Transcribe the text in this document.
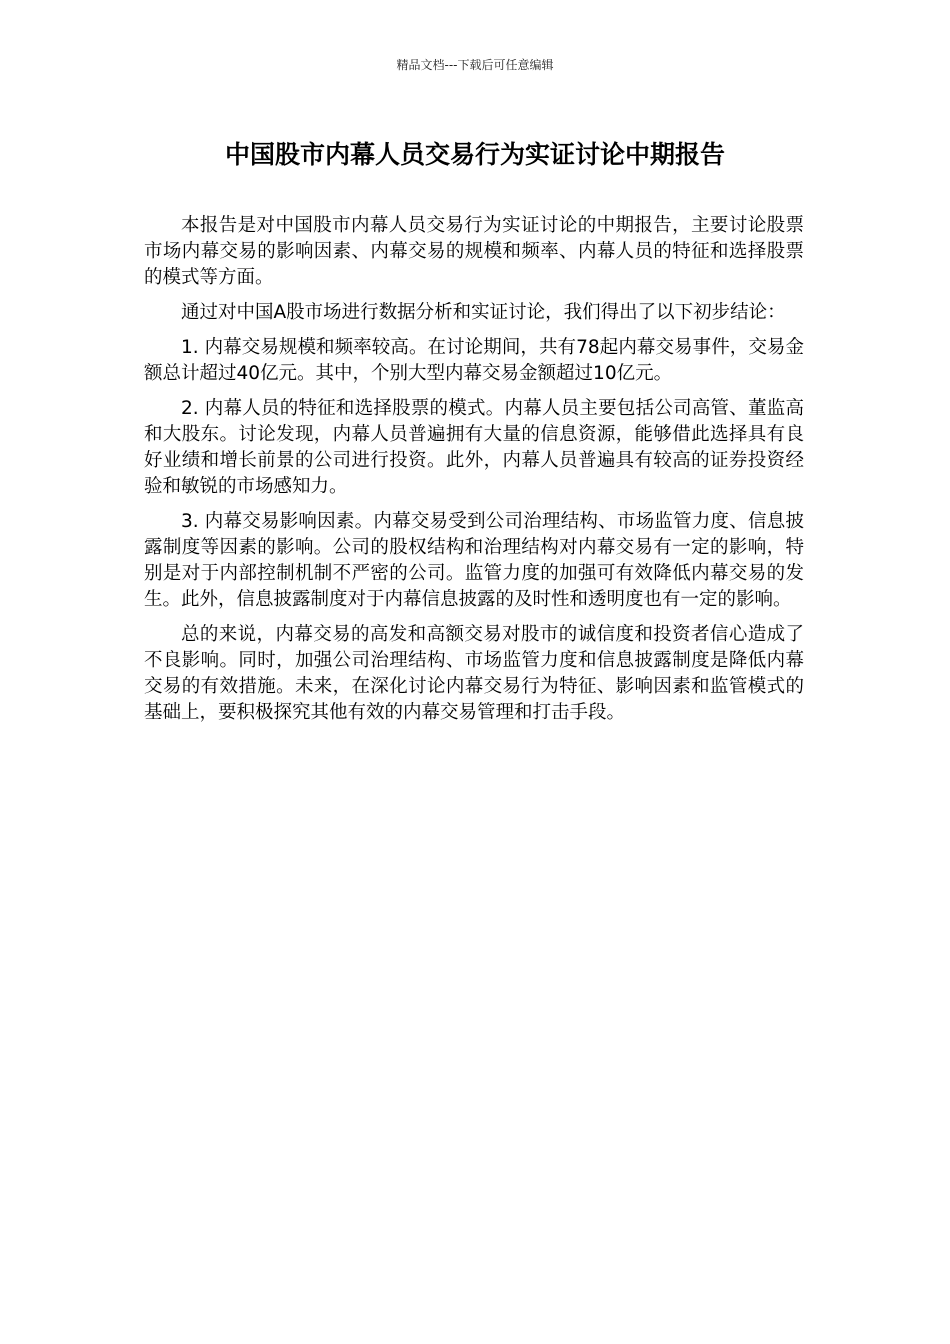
精品文档---下载后可任意编辑
中国股市内幕人员交易行为实证讨论中期报告

本报告是对中国股市内幕人员交易行为实证讨论的中期报告，主要讨论股票市场内幕交易的影响因素、内幕交易的规模和频率、内幕人员的特征和选择股票的模式等方面。

通过对中国A股市场进行数据分析和实证讨论，我们得出了以下初步结论：

1. 内幕交易规模和频率较高。在讨论期间，共有78起内幕交易事件，交易金额总计超过40亿元。其中，个别大型内幕交易金额超过10亿元。

2. 内幕人员的特征和选择股票的模式。内幕人员主要包括公司高管、董监高和大股东。讨论发现，内幕人员普遍拥有大量的信息资源，能够借此选择具有良好业绩和增长前景的公司进行投资。此外，内幕人员普遍具有较高的证券投资经验和敏锐的市场感知力。

3. 内幕交易影响因素。内幕交易受到公司治理结构、市场监管力度、信息披露制度等因素的影响。公司的股权结构和治理结构对内幕交易有一定的影响，特别是对于内部控制机制不严密的公司。监管力度的加强可有效降低内幕交易的发生。此外，信息披露制度对于内幕信息披露的及时性和透明度也有一定的影响。

总的来说，内幕交易的高发和高额交易对股市的诚信度和投资者信心造成了不良影响。同时，加强公司治理结构、市场监管力度和信息披露制度是降低内幕交易的有效措施。未来，在深化讨论内幕交易行为特征、影响因素和监管模式的基础上，要积极探究其他有效的内幕交易管理和打击手段。
